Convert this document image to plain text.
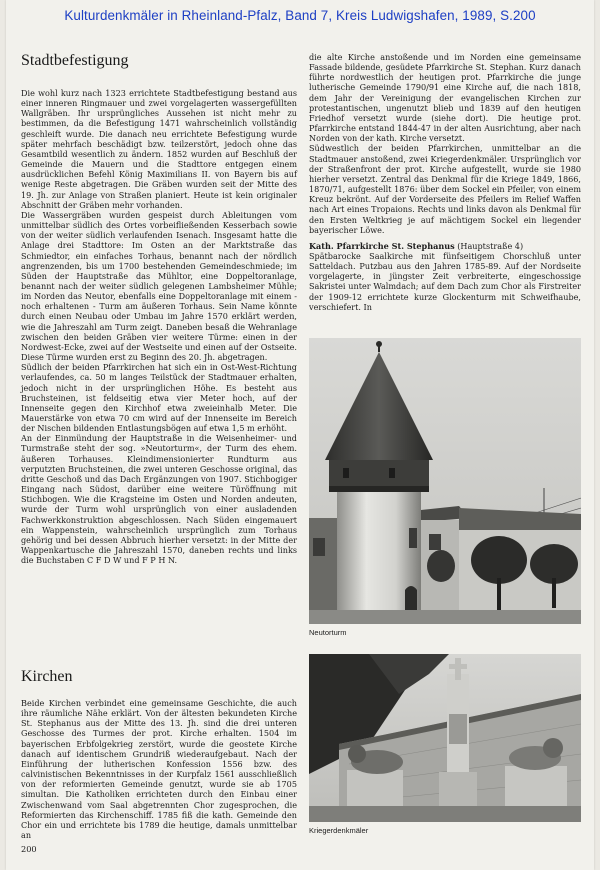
Kulturdenkmäler in Rheinland-Pfalz, Band 7, Kreis Ludwigshafen, 1989, S.200
Stadtbefestigung

Die wohl kurz nach 1323 errichtete Stadtbefestigung bestand aus einer inneren Ringmauer und zwei vorgelagerten wassergefüllten Wallgräben. Ihr ursprüngliches Aussehen ist nicht mehr zu bestimmen, da die Befestigung 1471 wahrscheinlich vollständig geschleift wurde. Die danach neu errichtete Befestigung wurde später mehrfach beschädigt bzw. teilzerstört, jedoch ohne das Gesamtbild wesentlich zu ändern. 1852 wurden auf Beschluß der Gemeinde die Mauern und die Stadttore entgegen einem ausdrücklichen Befehl König Maximilians II. von Bayern bis auf wenige Reste abgetragen. Die Gräben wurden seit der Mitte des 19. Jh. zur Anlage von Straßen planiert. Heute ist kein originaler Abschnitt der Gräben mehr vorhanden.

Die Wassergräben wurden gespeist durch Ableitungen vom unmittelbar südlich des Ortes vorbeifließenden Kesserbach sowie von der weiter südlich verlaufenden Isenach. Insgesamt hatte die Anlage drei Stadttore: Im Osten an der Marktstraße das Schmiedtor, ein einfaches Torhaus, benannt nach der nördlich angrenzenden, bis um 1700 bestehenden Gemeindeschmiede; im Süden der Hauptstraße das Mühltor, eine Doppeltoranlage, benannt nach der weiter südlich gelegenen Lambsheimer Mühle; im Norden das Neutor, ebenfalls eine Doppeltoranlage mit einem - noch erhaltenen - Turm am äußeren Torhaus. Sein Name könnte durch einen Neubau oder Umbau im Jahre 1570 erklärt werden, wie die Jahreszahl am Turm zeigt. Daneben besaß die Wehranlage zwischen den beiden Gräben vier weitere Türme: einen in der Nordwest-Ecke, zwei auf der Westseite und einen auf der Ostseite. Diese Türme wurden erst zu Beginn des 20. Jh. abgetragen.

Südlich der beiden Pfarrkirchen hat sich ein in Ost-West-Richtung verlaufendes, ca. 50 m langes Teilstück der Stadtmauer erhalten, jedoch nicht in der ursprünglichen Höhe. Es besteht aus Bruchsteinen, ist feldseitig etwa vier Meter hoch, auf der Innenseite gegen den Kirchhof etwa zweieinhalb Meter. Die Mauerstärke von etwa 70 cm wird auf der Innenseite im Bereich der Nischen bildenden Entlastungsbögen auf etwa 1,5 m erhöht.

An der Einmündung der Hauptstraße in die Weisenheimer- und Turmstraße steht der sog. »Neutorturm«, der Turm des ehem. äußeren Torhauses. Kleindimensionierter Rundturm aus verputzten Bruchsteinen, die zwei unteren Geschosse original, das dritte Geschoß und das Dach Ergänzungen von 1907. Stichbogiger Eingang nach Südost, darüber eine weitere Türöffnung mit Stichbogen. Wie die Kragsteine im Osten und Norden andeuten, wurde der Turm wohl ursprünglich von einer ausladenden Fachwerkkonstruktion abgeschlossen. Nach Süden eingemauert ein Wappenstein, wahrscheinlich ursprünglich zum Torhaus gehörig und bei dessen Abbruch hierher versetzt: in der Mitte der Wappenkartusche die Jahreszahl 1570, daneben rechts und links die Buchstaben C F D W und F P H N.

Kirchen

Beide Kirchen verbindet eine gemeinsame Geschichte, die auch ihre räumliche Nähe erklärt. Von der ältesten bekundeten Kirche St. Stephanus aus der Mitte des 13. Jh. sind die drei unteren Geschosse des Turmes der prot. Kirche erhalten. 1504 im bayerischen Erbfolgekrieg zerstört, wurde die geostete Kirche danach auf identischem Grundriß wiederaufgebaut. Nach der Einführung der lutherischen Konfession 1556 bzw. des calvinistischen Bekenntnisses in der Kurpfalz 1561 ausschließlich von der reformierten Gemeinde genutzt, wurde sie ab 1705 simultan. Die Katholiken errichteten durch den Einbau einer Zwischenwand vom Saal abgetrennten Chor zugesprochen, die Reformierten das Kirchenschiff. 1785 fiß die kath. Gemeinde den Chor ein und errichtete bis 1789 die heutige, damals unmittelbar an

die alte Kirche anstoßende und im Norden eine gemeinsame Fassade bildende, gesüdete Pfarrkirche St. Stephan. Kurz danach führte nordwestlich der heutigen prot. Pfarrkirche die junge lutherische Gemeinde 1790/91 eine Kirche auf, die nach 1818, dem Jahr der Vereinigung der evangelischen Kirchen zur protestantischen, ungenutzt blieb und 1839 auf den heutigen Friedhof versetzt wurde (siehe dort). Die heutige prot. Pfarrkirche entstand 1844-47 in der alten Ausrichtung, aber nach Norden von der kath. Kirche versetzt.

Südwestlich der beiden Pfarrkirchen, unmittelbar an die Stadtmauer anstoßend, zwei Kriegerdenkmäler. Ursprünglich vor der Straßenfront der prot. Kirche aufgestellt, wurde sie 1980 hierher versetzt. Zentral das Denkmal für die Kriege 1849, 1866, 1870/71, aufgestellt 1876: über dem Sockel ein Pfeiler, von einem Kreuz bekrönt. Auf der Vorderseite des Pfeilers im Relief Waffen nach Art eines Tropaions. Rechts und links davon als Denkmal für den Ersten Weltkrieg je auf mächtigem Sockel ein liegender bayerischer Löwe.

Kath. Pfarrkirche St. Stephanus (Hauptstraße 4)

Spätbarocke Saalkirche mit fünfseitigem Chorschluß unter Satteldach. Putzbau aus den Jahren 1785-89. Auf der Nordseite vorgelagerte, in jüngster Zeit verbreiterte, eingeschossige Sakristei unter Walmdach; auf dem Dach zum Chor als Firstreiter der 1909-12 errichtete kurze Glockenturm mit Schweifhaube, verschiefert. In

Neutorturm
Kriegerdenkmäler
200
